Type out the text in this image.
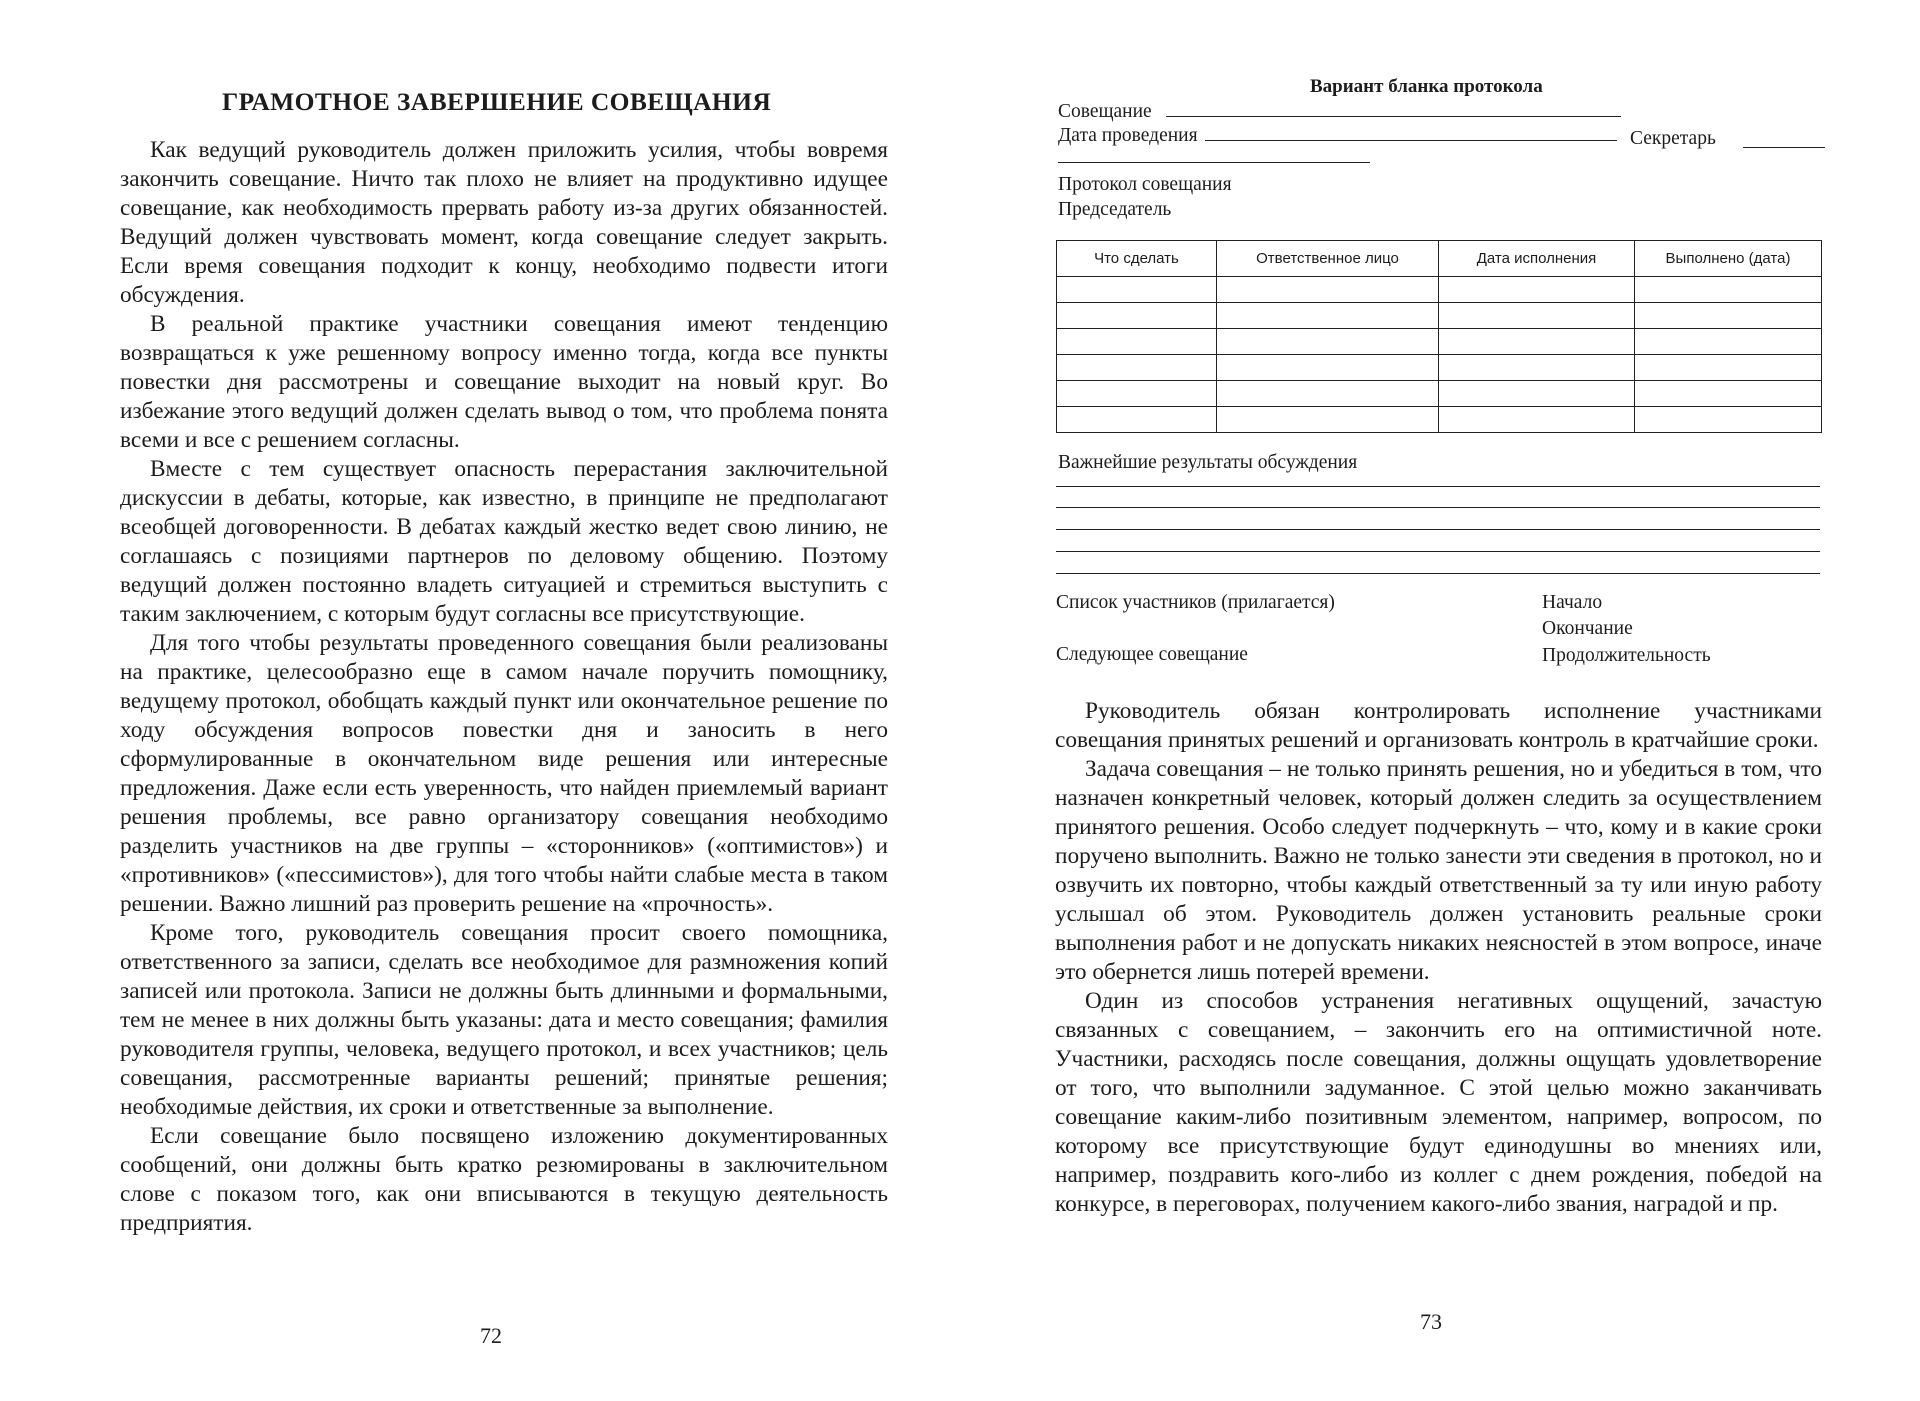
ГРАМОТНОЕ ЗАВЕРШЕНИЕ СОВЕЩАНИЯ

Как ведущий руководитель должен приложить усилия, чтобы вовремя закончить совещание. Ничто так плохо не влияет на продуктивно идущее совещание, как необходимость прервать работу из-за других обязанностей. Ведущий должен чувствовать момент, когда совещание следует закрыть. Если время совещания подходит к концу, необходимо подвести итоги обсуждения.

В реальной практике участники совещания имеют тенденцию возвращаться к уже решенному вопросу именно тогда, когда все пункты повестки дня рассмотрены и совещание выходит на новый круг. Во избежание этого ведущий должен сделать вывод о том, что проблема понята всеми и все с решением согласны.

Вместе с тем существует опасность перерастания заключительной дискуссии в дебаты, которые, как известно, в принципе не предполагают всеобщей договоренности. В дебатах каждый жестко ведет свою линию, не соглашаясь с позициями партнеров по деловому общению. Поэтому ведущий должен постоянно владеть ситуацией и стремиться выступить с таким заключением, с которым будут согласны все присутствующие.

Для того чтобы результаты проведенного совещания были реализованы на практике, целесообразно еще в самом начале поручить помощнику, ведущему протокол, обобщать каждый пункт или окончательное решение по ходу обсуждения вопросов повестки дня и заносить в него сформулированные в окончательном виде решения или интересные предложения. Даже если есть уверенность, что найден приемлемый вариант решения проблемы, все равно организатору совещания необходимо разделить участников на две группы – «сторонников» («оптимистов») и «противников» («пессимистов»), для того чтобы найти слабые места в таком решении. Важно лишний раз проверить решение на «прочность».

Кроме того, руководитель совещания просит своего помощника, ответственного за записи, сделать все необходимое для размножения копий записей или протокола. Записи не должны быть длинными и формальными, тем не менее в них должны быть указаны: дата и место совещания; фамилия руководителя группы, человека, ведущего протокол, и всех участников; цель совещания, рассмотренные варианты решений; принятые решения; необходимые действия, их сроки и ответственные за выполнение.

Если совещание было посвящено изложению документированных сообщений, они должны быть кратко резюмированы в заключительном слове с показом того, как они вписываются в текущую деятельность предприятия.

72
Вариант бланка протокола
Совещание
Дата проведения	Секретарь
Протокол совещания
Председатель
Что сделать	Ответственное лицо	Дата исполнения	Выполнено (дата)

Важнейшие результаты обсуждения
Список участников (прилагается)
Следующее совещание
Начало
Окончание
Продолжительность

Руководитель обязан контролировать исполнение участниками совещания принятых решений и организовать контроль в кратчайшие сроки.

Задача совещания – не только принять решения, но и убедиться в том, что назначен конкретный человек, который должен следить за осуществлением принятого решения. Особо следует подчеркнуть – что, кому и в какие сроки поручено выполнить. Важно не только занести эти сведения в протокол, но и озвучить их повторно, чтобы каждый ответственный за ту или иную работу услышал об этом. Руководитель должен установить реальные сроки выполнения работ и не допускать никаких неясностей в этом вопросе, иначе это обернется лишь потерей времени.

Один из способов устранения негативных ощущений, зачастую связанных с совещанием, – закончить его на оптимистичной ноте. Участники, расходясь после совещания, должны ощущать удовлетворение от того, что выполнили задуманное. С этой целью можно заканчивать совещание каким-либо позитивным элементом, например, вопросом, по которому все присутствующие будут единодушны во мнениях или, например, поздравить кого-либо из коллег с днем рождения, победой на конкурсе, в переговорах, получением какого-либо звания, наградой и пр.

73
